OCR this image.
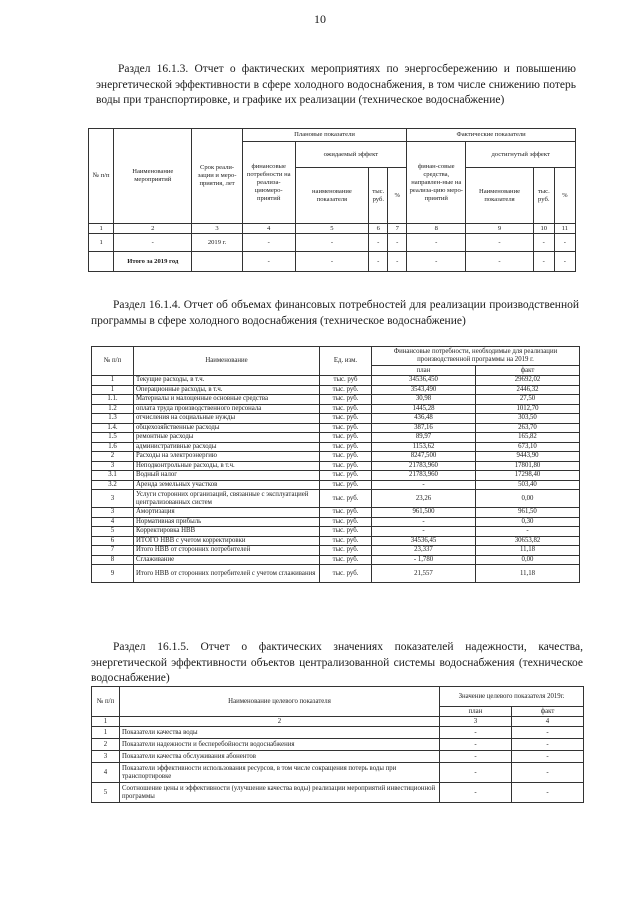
10
Раздел 16.1.3. Отчет о фактических мероприятиях по энергосбережению и повышению энергетической эффективности в сфере холодного водоснабжения, в том числе снижению потерь воды при транспортировке, и графике их реализации (техническое водоснабжение)
№ п/п	Наименование мероприятий	Срок реали-зации и меро-приятия, лет	Плановые показатели				Фактические показатели			
			финансовые потребности на реализа-циюмеро-приятий	ожидаемый эффект			финан-совые средства, направлен-ные на реализа-цию меро-приятий	достигнутый эффект		
				наименование показателя	тыс. руб.	%		Наименование показателя	тыс. руб.	%
1	2	3	4	5	6	7	8	9	10	11
1	-	2019 г.	-	-	-	-	-	-	-	-
	Итого за 2019 год		-	-	-	-	-	-	-	-
Раздел 16.1.4. Отчет об объемах финансовых потребностей для реализации производственной программы в сфере холодного водоснабжения (техническое водоснабжение)
№ п/п	Наименование	Ед. изм.	Финансовые потребности, необходимые для реализации производственной программы на 2019 г.	
			план	факт
1	Текущие расходы, в т.ч.	тыс. руб	34536,450	29692,02
1	Операционные расходы, в т.ч.	тыс. руб.	3543,490	2446,32
1.1.	Материалы и малоценные основные средства	тыс. руб.	30,98	27,50
1.2	оплата труда производственного персонала	тыс. руб.	1445,28	1012,70
1.3	отчисления на социальные нужды	тыс. руб.	436,48	303,50
1.4.	общехозяйственные расходы	тыс. руб.	387,16	263,70
1.5	ремонтные расходы	тыс. руб.	89,97	165,82
1.6	административные расходы	тыс. руб.	1153,62	673,10
2	Расходы на электроэнергию	тыс. руб.	8247,500	9443,90
3	Неподконтрольные расходы, в т.ч.	тыс. руб.	21783,960	17801,80
3.1	Водный налог	тыс. руб.	21783,960	17298,40
3.2	Аренда земельных участков	тыс. руб.	-	503,40
3	Услуги сторонних организаций, связанные с эксплуатацией централизованных систем	тыс. руб.	23,26	0,00
3	Амортизация	тыс. руб.	961,500	961,50
4	Нормативная прибыль	тыс. руб.	-	0,30
5	Корректировка НВВ	тыс. руб.	-	-
6	ИТОГО НВВ с учетом корректировки	тыс. руб.	34536,45	30653,82
7	Итого НВВ от сторонних потребителей	тыс. руб.	23,337	11,18
8	Сглаживание	тыс. руб.	- 1,780	0,00
9	Итого НВВ от сторонних потребителей с учетом сглаживания	тыс. руб.	21,557	11,18
Раздел 16.1.5. Отчет о фактических значениях показателей надежности, качества, энергетической эффективности объектов централизованной системы водоснабжения (техническое водоснабжение)
№ п/п	Наименование целевого показателя	Значение целевого показателя 2019г.	
		план	факт
1	2	3	4
1	Показатели качества воды	-	-
2	Показатели надежности и бесперебойности водоснабжения	-	-
3	Показатели качества обслуживания абонентов	-	-
4	Показатели эффективности использования ресурсов, в том числе сокращения потерь воды при транспортировке	-	-
5	Соотношение цены и эффективности (улучшение качества воды) реализации мероприятий инвестиционной программы	-	-
